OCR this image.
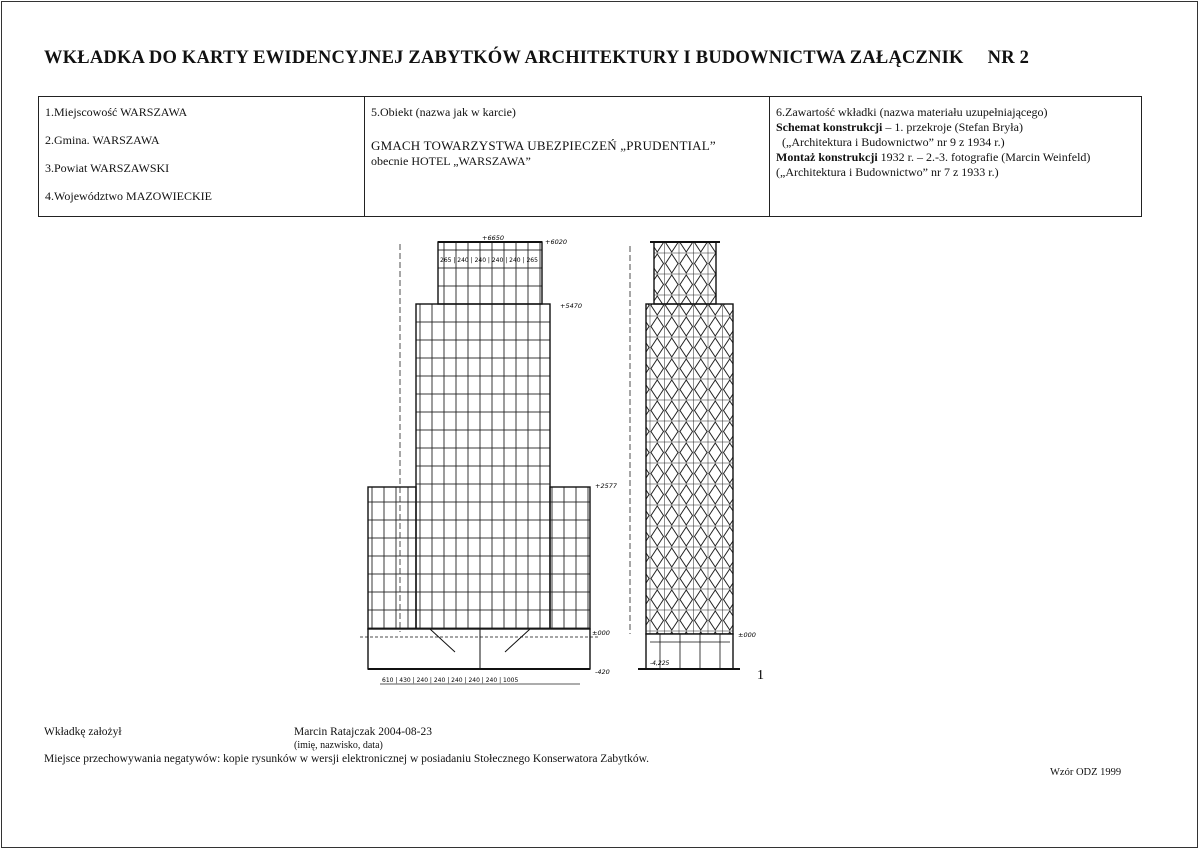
WKŁADKA DO KARTY EWIDENCYJNEJ ZABYTKÓW ARCHITEKTURY I BUDOWNICTWA ZAŁĄCZNIK NR 2

1.Miejscowość WARSZAWA

2.Gmina. WARSZAWA

3.Powiat WARSZAWSKI

4.Województwo MAZOWIECKIE

5.Obiekt (nazwa jak w karcie)

GMACH TOWARZYSTWA UBEZPIECZEŃ „PRUDENTIAL”
obecnie HOTEL „WARSZAWA”

6.Zawartość wkładki (nazwa materiału uzupełniającego)
Schemat konstrukcji – 1. przekroje (Stefan Bryła)
(„Architektura i Budownictwo” nr 9 z 1934 r.)
Montaż konstrukcji 1932 r. – 2.-3. fotografie (Marcin Weinfeld)
(„Architektura i Budownictwo” nr 7 z 1933 r.)
610 | 430 | 240 | 240 | 240 | 240 | 240 | 1005
265 | 240 | 240 | 240 | 240 | 265
+6650	+6020
+5470
+2577
±000
-420
±000
-4,225
1
Wkładkę założył	Marcin Ratajczak 2004-08-23
(imię, nazwisko, data)
Miejsce przechowywania negatywów: kopie rysunków w wersji elektronicznej w posiadaniu Stołecznego Konserwatora Zabytków.
Wzór ODZ 1999
